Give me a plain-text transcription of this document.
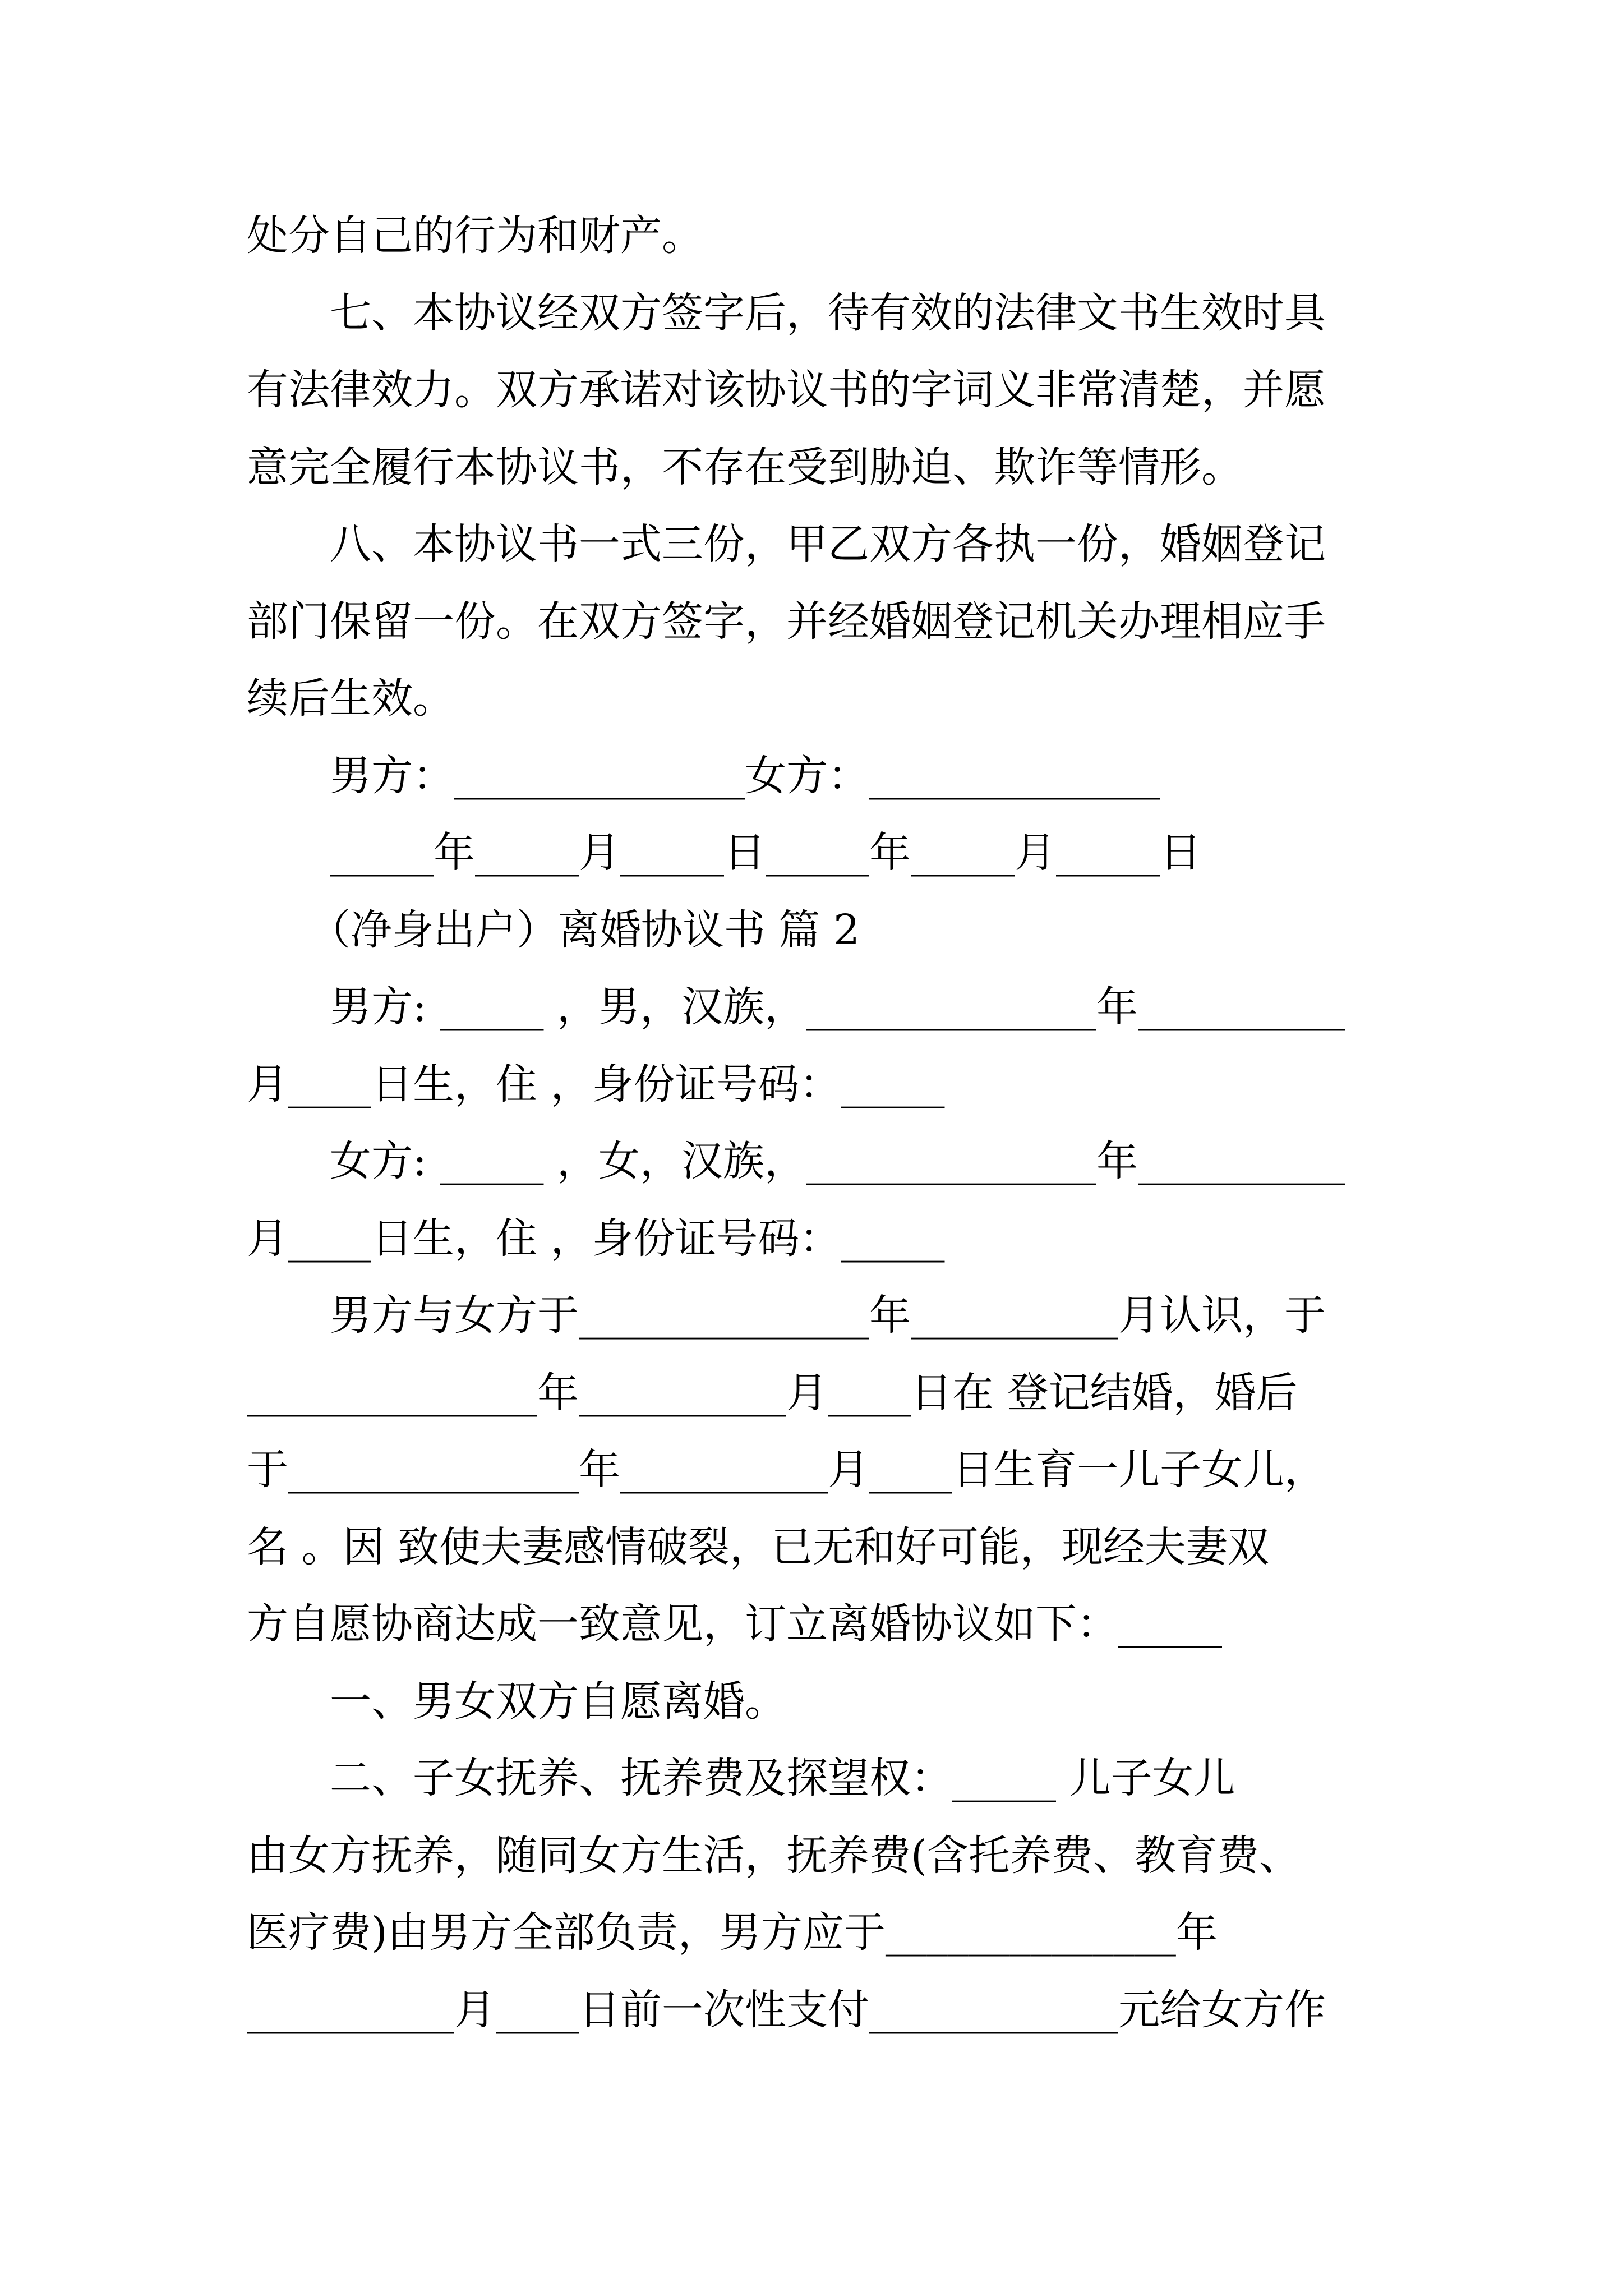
处分自己的行为和财产。
　　七、本协议经双方签字后，待有效的法律文书生效时具
有法律效力。双方承诺对该协议书的字词义非常清楚，并愿
意完全履行本协议书，不存在受到胁迫、欺诈等情形。
　　八、本协议书一式三份，甲乙双方各执一份，婚姻登记
部门保留一份。在双方签字，并经婚姻登记机关办理相应手
续后生效。
　　男方：______________女方：______________
　　_____年_____月_____日_____年_____月_____日
　　（净身出户）离婚协议书 篇 2
　　男方: _____ ，男，汉族，______________年__________
月____日生，住 ，身份证号码：_____
　　女方: _____ ，女，汉族，______________年__________
月____日生，住 ，身份证号码：_____
　　男方与女方于______________年__________月认识，于
______________年__________月____日在 登记结婚，婚后
于______________年__________月____日生育一儿子女儿，
名 。因 致使夫妻感情破裂，已无和好可能，现经夫妻双
方自愿协商达成一致意见，订立离婚协议如下：_____
　　一、男女双方自愿离婚。
　　二、子女抚养、抚养费及探望权：_____ 儿子女儿
由女方抚养，随同女方生活，抚养费(含托养费、教育费、
医疗费)由男方全部负责，男方应于______________年
__________月____日前一次性支付____________元给女方作
